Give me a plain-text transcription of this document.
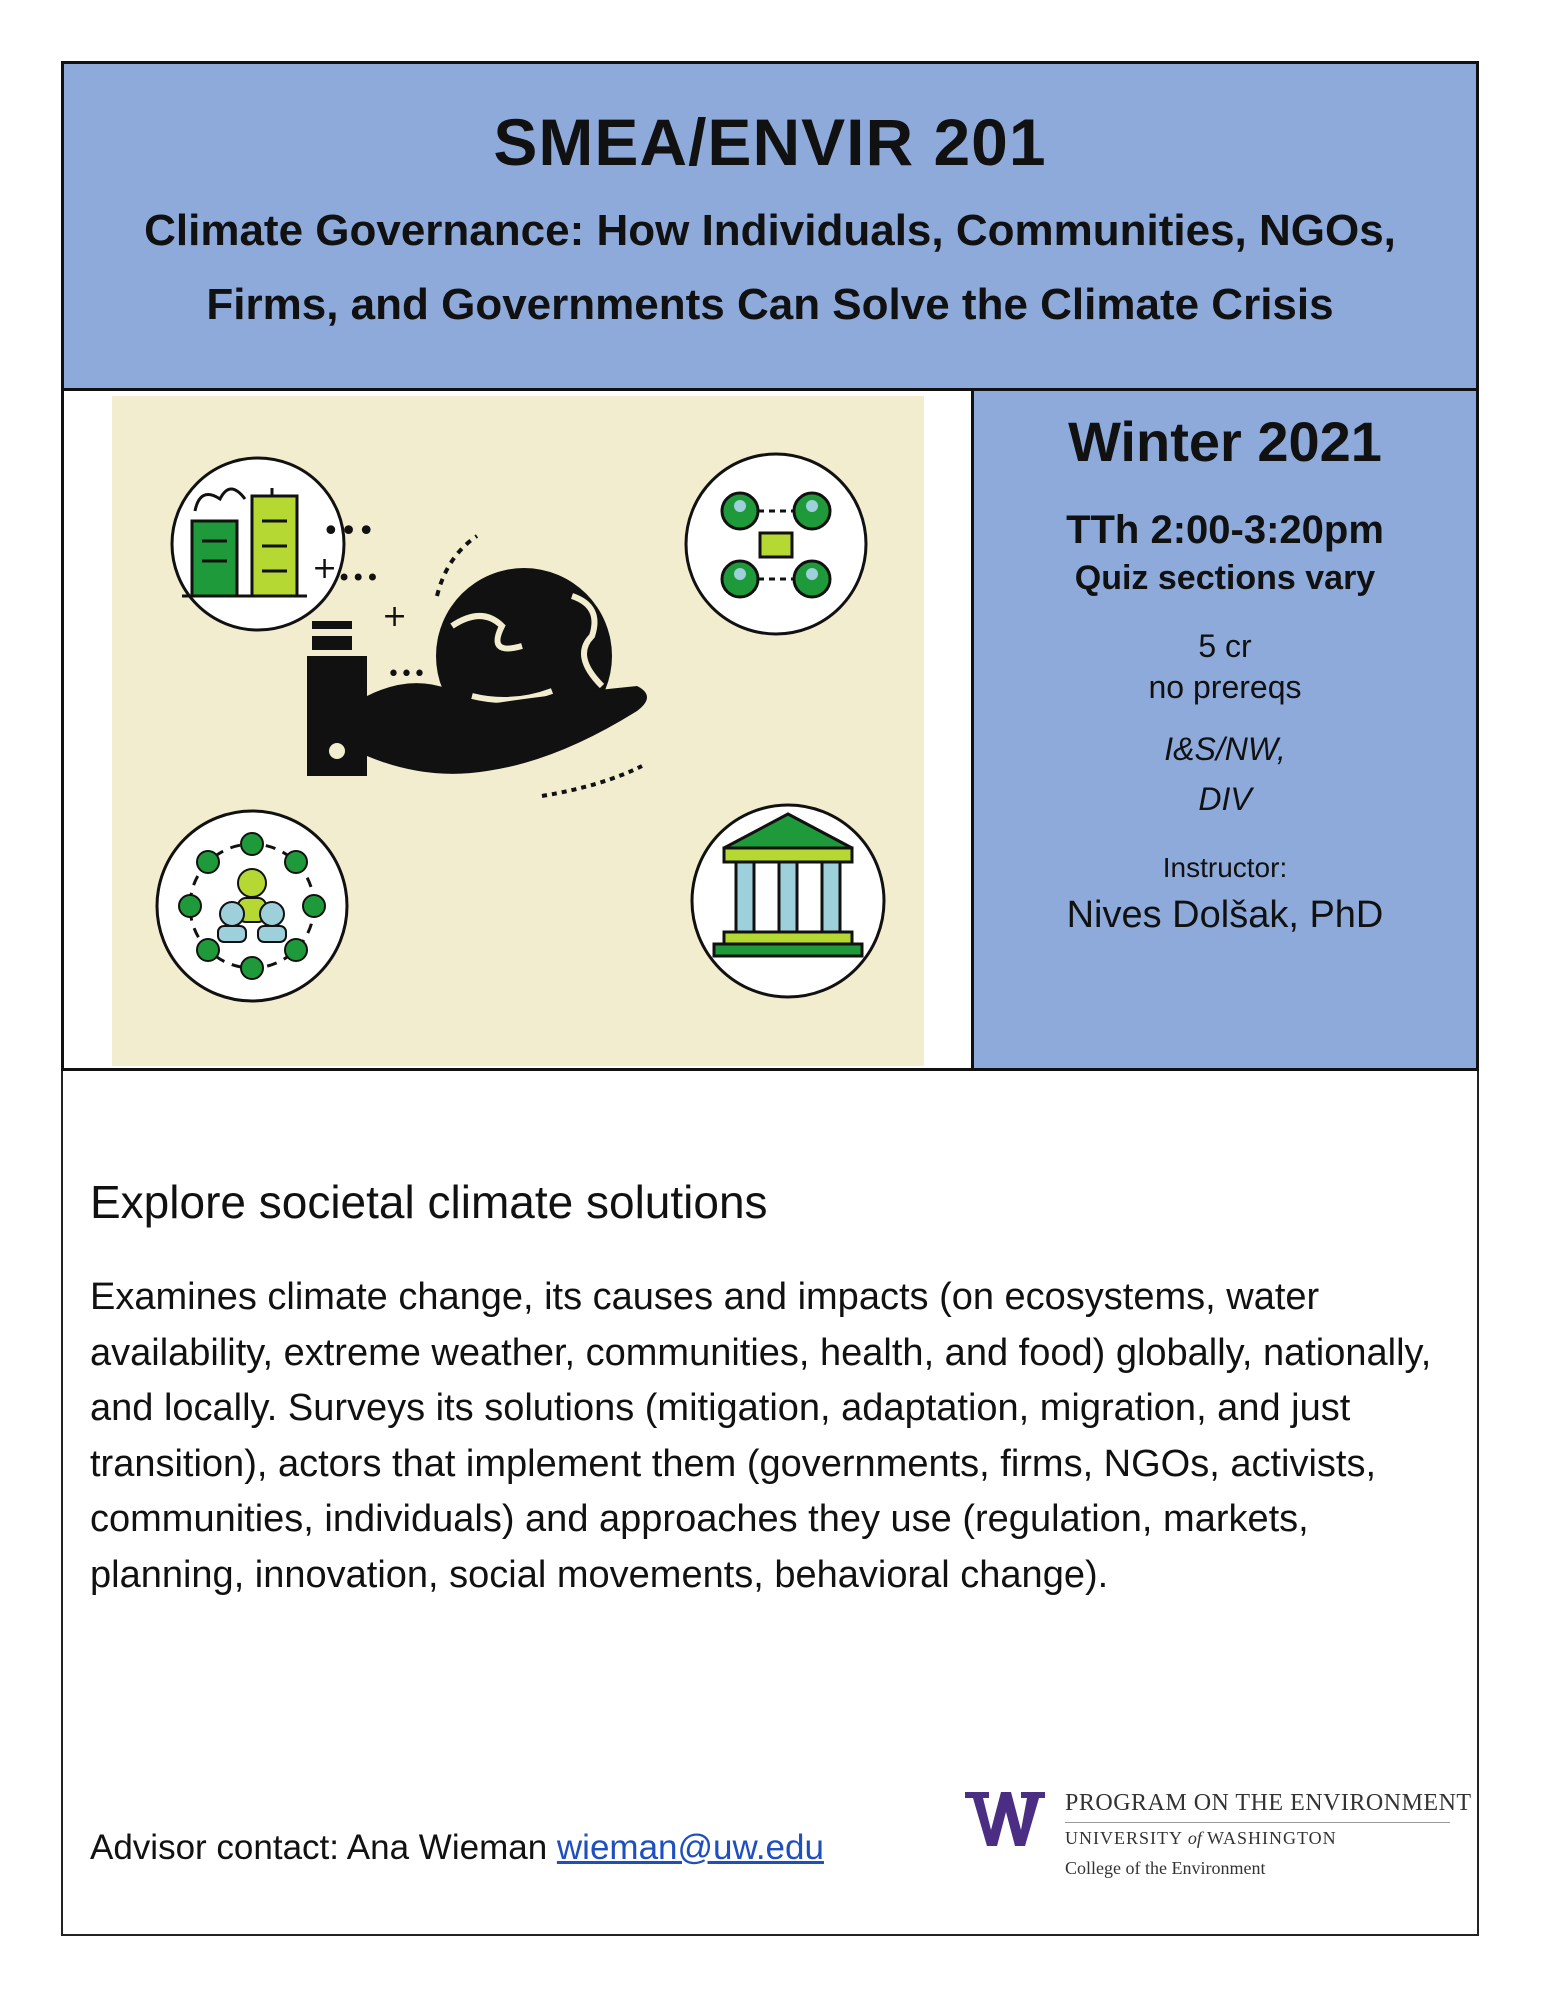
SMEA/ENVIR 201
Climate Governance: How Individuals, Communities, NGOs,
Firms, and Governments Can Solve the Climate Crisis
•••
+ •••
+
•••
Winter 2021
TTh 2:00-3:20pm
Quiz sections vary
5 cr
no prereqs
I&S/NW,
DIV
Instructor:
Nives Dolšak, PhD
Explore societal climate solutions
Examines climate change, its causes and impacts (on ecosystems, water availability, extreme weather, communities, health, and food) globally, nationally, and locally. Surveys its solutions (mitigation, adaptation, migration, and just transition), actors that implement them (governments, firms, NGOs, activists, communities, individuals) and approaches they use (regulation, markets, planning, innovation, social movements, behavioral change).
Advisor contact: Ana Wieman wieman@uw.edu
PROGRAM ON THE ENVIRONMENT
UNIVERSITY of WASHINGTON
College of the Environment
